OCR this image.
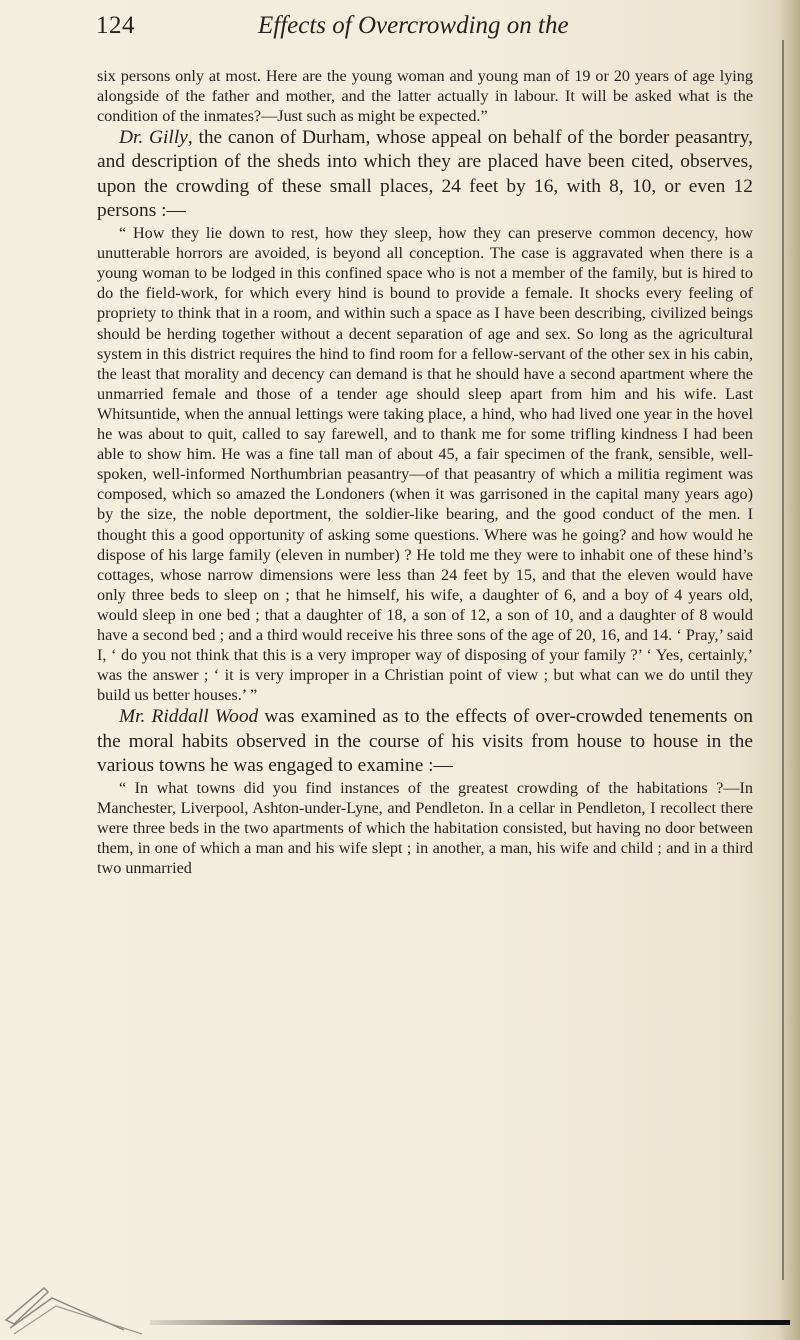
124	Effects of Overcrowding on the

six persons only at most. Here are the young woman and young man of 19 or 20 years of age lying alongside of the father and mother, and the latter actually in labour. It will be asked what is the condition of the inmates?—Just such as might be expected.”

Dr. Gilly, the canon of Durham, whose appeal on behalf of the border peasantry, and description of the sheds into which they are placed have been cited, observes, upon the crowding of these small places, 24 feet by 16, with 8, 10, or even 12 persons :—

“ How they lie down to rest, how they sleep, how they can preserve common decency, how unutterable horrors are avoided, is beyond all conception. The case is aggravated when there is a young woman to be lodged in this confined space who is not a member of the family, but is hired to do the field-work, for which every hind is bound to provide a female. It shocks every feeling of propriety to think that in a room, and within such a space as I have been describing, civilized beings should be herding together without a decent separation of age and sex. So long as the agricultural system in this district requires the hind to find room for a fellow-servant of the other sex in his cabin, the least that morality and decency can demand is that he should have a second apartment where the unmarried female and those of a tender age should sleep apart from him and his wife. Last Whitsuntide, when the annual lettings were taking place, a hind, who had lived one year in the hovel he was about to quit, called to say farewell, and to thank me for some trifling kindness I had been able to show him. He was a fine tall man of about 45, a fair specimen of the frank, sensible, well-spoken, well-informed Northumbrian peasantry—of that peasantry of which a militia regiment was composed, which so amazed the Londoners (when it was garrisoned in the capital many years ago) by the size, the noble deportment, the soldier-like bearing, and the good conduct of the men. I thought this a good opportunity of asking some questions. Where was he going? and how would he dispose of his large family (eleven in number) ? He told me they were to inhabit one of these hind’s cottages, whose narrow dimensions were less than 24 feet by 15, and that the eleven would have only three beds to sleep on ; that he himself, his wife, a daughter of 6, and a boy of 4 years old, would sleep in one bed ; that a daughter of 18, a son of 12, a son of 10, and a daughter of 8 would have a second bed ; and a third would receive his three sons of the age of 20, 16, and 14. ‘ Pray,’ said I, ‘ do you not think that this is a very improper way of disposing of your family ?’ ‘ Yes, certainly,’ was the answer ; ‘ it is very improper in a Christian point of view ; but what can we do until they build us better houses.’ ”

Mr. Riddall Wood was examined as to the effects of over-crowded tenements on the moral habits observed in the course of his visits from house to house in the various towns he was engaged to examine :—

“ In what towns did you find instances of the greatest crowding of the habitations ?—In Manchester, Liverpool, Ashton-under-Lyne, and Pendleton. In a cellar in Pendleton, I recollect there were three beds in the two apartments of which the habitation consisted, but having no door between them, in one of which a man and his wife slept ; in another, a man, his wife and child ; and in a third two unmarried
